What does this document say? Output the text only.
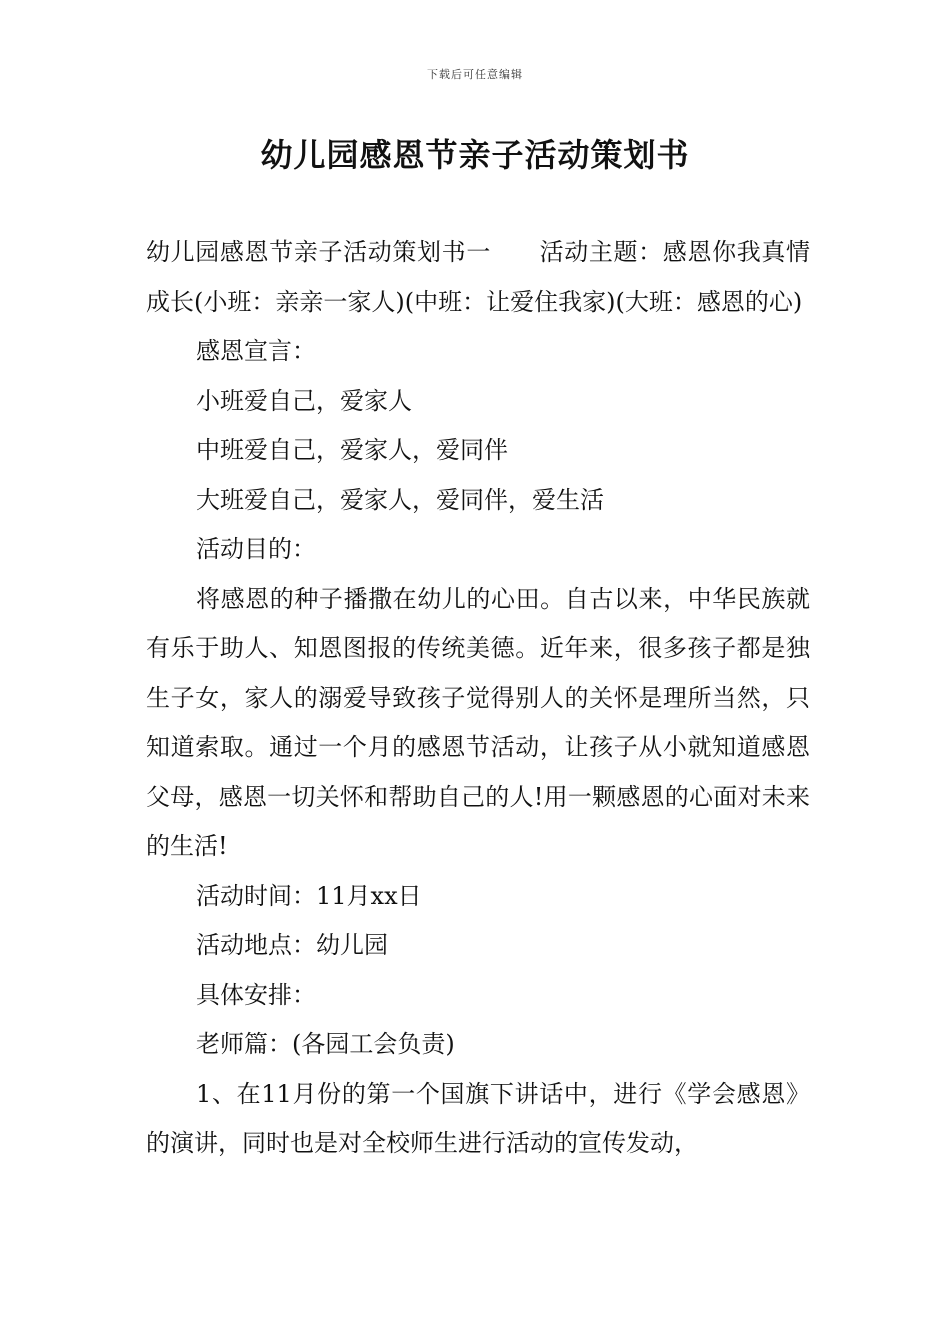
下载后可任意编辑
幼儿园感恩节亲子活动策划书

幼儿园感恩节亲子活动策划书一 活动主题：感恩你我真情成长(小班：亲亲一家人)(中班：让爱住我家)(大班：感恩的心)

感恩宣言：

小班爱自己，爱家人

中班爱自己，爱家人，爱同伴

大班爱自己，爱家人，爱同伴，爱生活

活动目的：

将感恩的种子播撒在幼儿的心田。自古以来，中华民族就有乐于助人、知恩图报的传统美德。近年来，很多孩子都是独生子女，家人的溺爱导致孩子觉得别人的关怀是理所当然，只知道索取。通过一个月的感恩节活动，让孩子从小就知道感恩父母，感恩一切关怀和帮助自己的人!用一颗感恩的心面对未来的生活!

活动时间：11月xx日

活动地点：幼儿园

具体安排：

老师篇：(各园工会负责)

1、在11月份的第一个国旗下讲话中，进行《学会感恩》的演讲，同时也是对全校师生进行活动的宣传发动，
